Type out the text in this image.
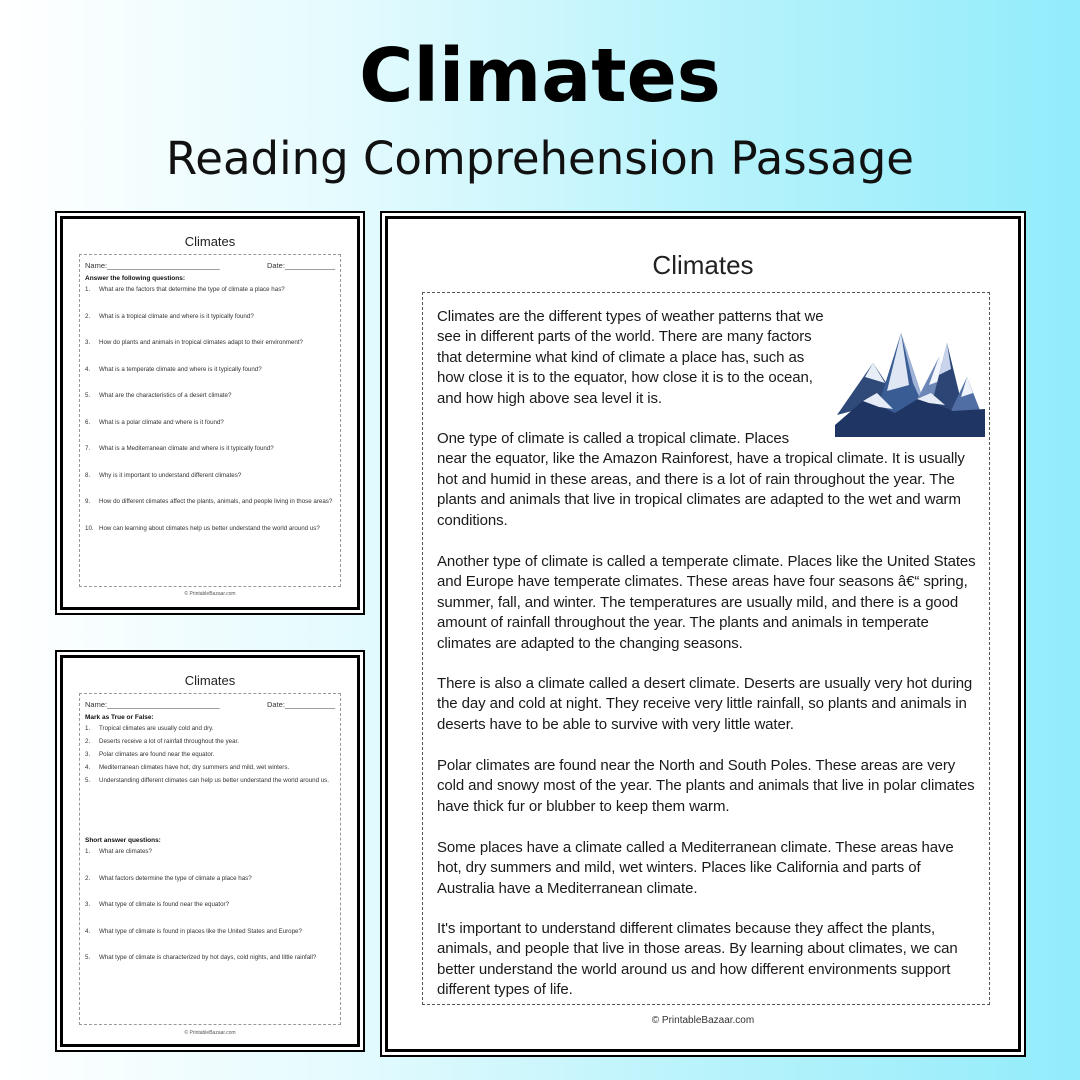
Climates
Reading Comprehension Passage
Climates
Name:___________________________	Date:____________
Answer the following questions:
1.	What are the factors that determine the type of climate a place has?
2.	What is a tropical climate and where is it typically found?
3.	How do plants and animals in tropical climates adapt to their environment?
4.	What is a temperate climate and where is it typically found?
5.	What are the characteristics of a desert climate?
6.	What is a polar climate and where is it found?
7.	What is a Mediterranean climate and where is it typically found?
8.	Why is it important to understand different climates?
9.	How do different climates affect the plants, animals, and people living in those areas?
10. How can learning about climates help us better understand the world around us?
© PrintableBazaar.com
Climates
Name:___________________________	Date:____________
Mark as True or False:
1.	Tropical climates are usually cold and dry.
2.	Deserts receive a lot of rainfall throughout the year.
3.	Polar climates are found near the equator.
4.	Mediterranean climates have hot, dry summers and mild, wet winters.
5.	Understanding different climates can help us better understand the world around us.
Short answer questions:
1.	What are climates?
2.	What factors determine the type of climate a place has?
3.	What type of climate is found near the equator?
4.	What type of climate is found in places like the United States and Europe?
5.	What type of climate is characterized by hot days, cold nights, and little rainfall?
© PrintableBazaar.com
Climates

Climates are the different types of weather patterns that we see in different parts of the world. There are many factors that determine what kind of climate a place has, such as how close it is to the equator, how close it is to the ocean, and how high above sea level it is.

One type of climate is called a tropical climate. Places
near the equator, like the Amazon Rainforest, have a tropical climate. It is usually hot and humid in these areas, and there is a lot of rain throughout the year. The plants and animals that live in tropical climates are adapted to the wet and warm conditions.

Another type of climate is called a temperate climate. Places like the United States and Europe have temperate climates. These areas have four seasons â€“ spring, summer, fall, and winter. The temperatures are usually mild, and there is a good amount of rainfall throughout the year. The plants and animals in temperate climates are adapted to the changing seasons.

There is also a climate called a desert climate. Deserts are usually very hot during the day and cold at night. They receive very little rainfall, so plants and animals in deserts have to be able to survive with very little water.

Polar climates are found near the North and South Poles. These areas are very cold and snowy most of the year. The plants and animals that live in polar climates have thick fur or blubber to keep them warm.

Some places have a climate called a Mediterranean climate. These areas have hot, dry summers and mild, wet winters. Places like California and parts of Australia have a Mediterranean climate.

It's important to understand different climates because they affect the plants, animals, and people that live in those areas. By learning about climates, we can better understand the world around us and how different environments support different types of life.

© PrintableBazaar.com
